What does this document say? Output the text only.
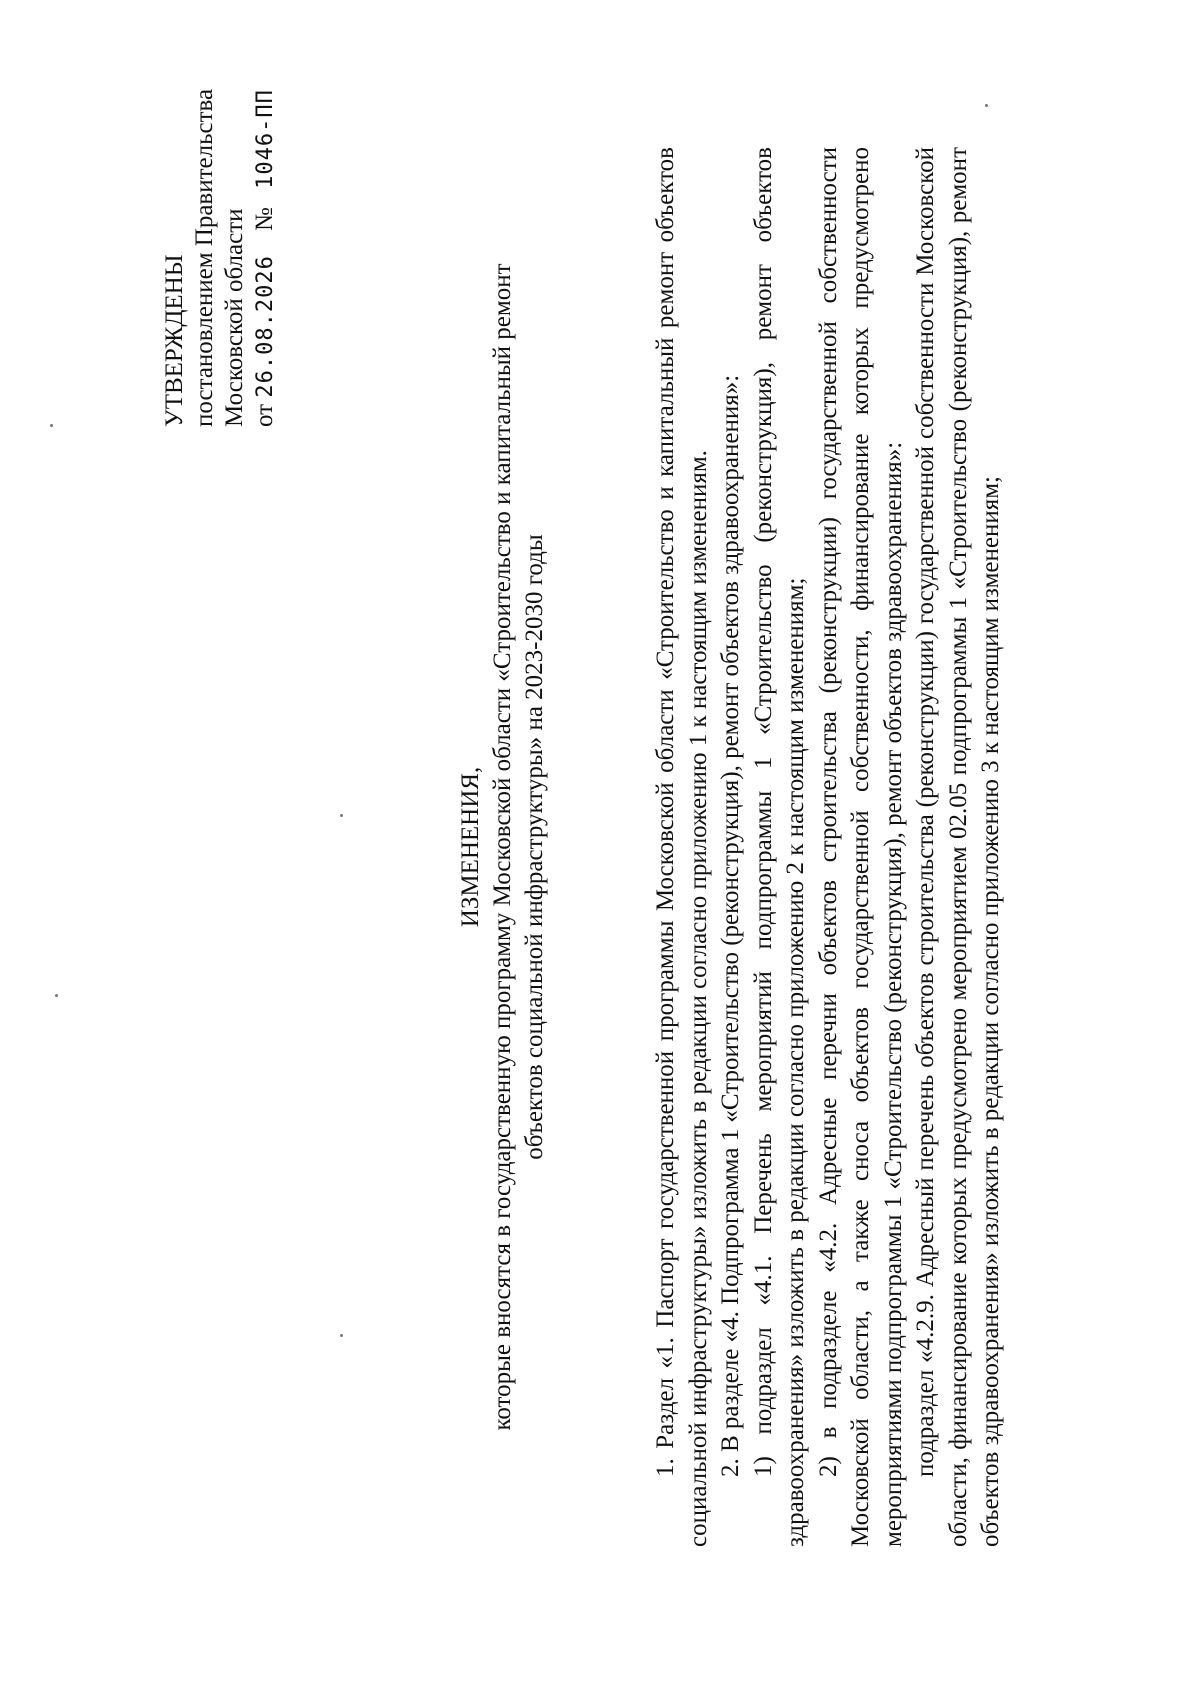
УТВЕРЖДЕНЫ постановлением Правительства Московской области от 26.08.2026 № 1046-ПП
ИЗМЕНЕНИЯ, которые вносятся в государственную программу Московской области «Строительство и капитальный ремонт объектов социальной инфраструктуры» на 2023-2030 годы	1. Раздел «1. Паспорт государственной программы Московской области «Строительство и капитальный ремонт объектов социальной инфраструктуры» изложить в редакции согласно приложению 1 к настоящим изменениям. 2. В разделе «4. Подпрограмма 1 «Строительство (реконструкция), ремонт объектов здравоохранения»: 1) подраздел «4.1. Перечень мероприятий подпрограммы 1 «Строительство (реконструкция), ремонт объектов здравоохранения» изложить в редакции согласно приложению 2 к настоящим изменениям; 2) в подразделе «4.2. Адресные перечни объектов строительства (реконструкции) государственной собственности Московской области, а также сноса объектов государственной собственности, финансирование которых предусмотрено мероприятиями подпрограммы 1 «Строительство (реконструкция), ремонт объектов здравоохранения»: подраздел «4.2.9. Адресный перечень объектов строительства (реконструкции) государственной собственности Московской области, финансирование которых предусмотрено мероприятием 02.05 подпрограммы 1 «Строительство (реконструкция), ремонт объектов здравоохранения» изложить в редакции согласно приложению 3 к настоящим изменениям;
